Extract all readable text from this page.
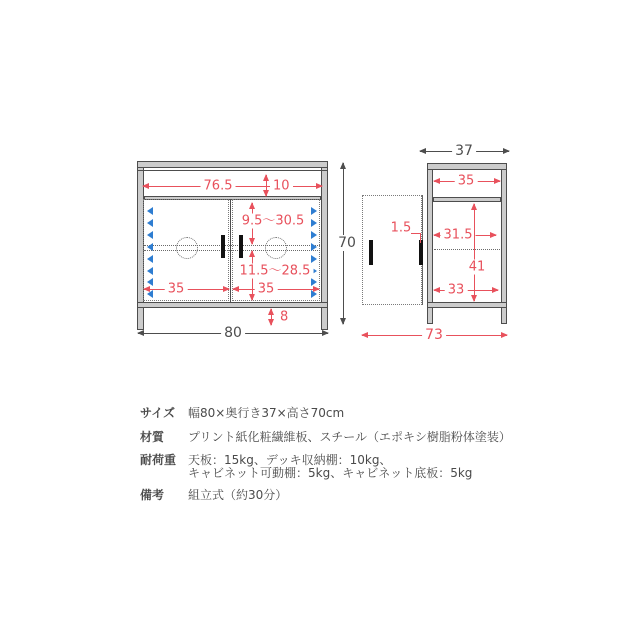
76.5	10
9.5〜30.5
11.5〜28.5
35	35
8
80
70
1.5
37
35
31.5
41
33
73
サイズ 幅80×奥行き37×高さ70cm
材質 プリント紙化粧繊維板、スチール（エポキシ樹脂粉体塗装）
耐荷重 天板：15kg、デッキ収納棚：10kg、
キャビネット可動棚：5kg、キャビネット底板：5kg
備考 組立式（約30分）
